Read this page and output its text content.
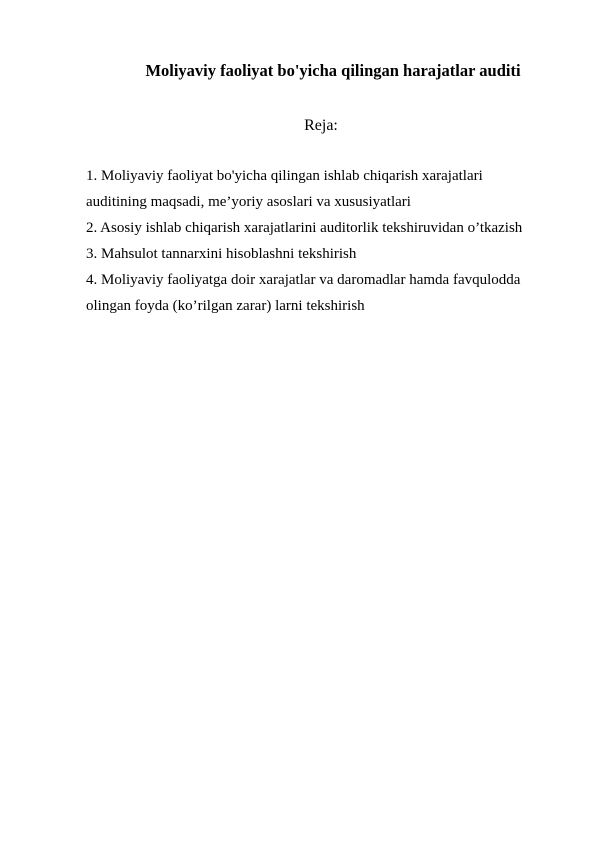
Moliyaviy faoliyat bo'yicha qilingan harajatlar auditi
Reja:
1. Moliyaviy faoliyat bo'yicha qilingan ishlab chiqarish xarajatlari
auditining maqsadi, me’yoriy asoslari va xususiyatlari
2. Asosiy ishlab chiqarish xarajatlarini auditorlik tekshiruvidan o’tkazish
3. Mahsulot tannarxini hisoblashni tekshirish
4. Moliyaviy faoliyatga doir xarajatlar va daromadlar hamda favqulodda
olingan foyda (ko’rilgan zarar) larni tekshirish
